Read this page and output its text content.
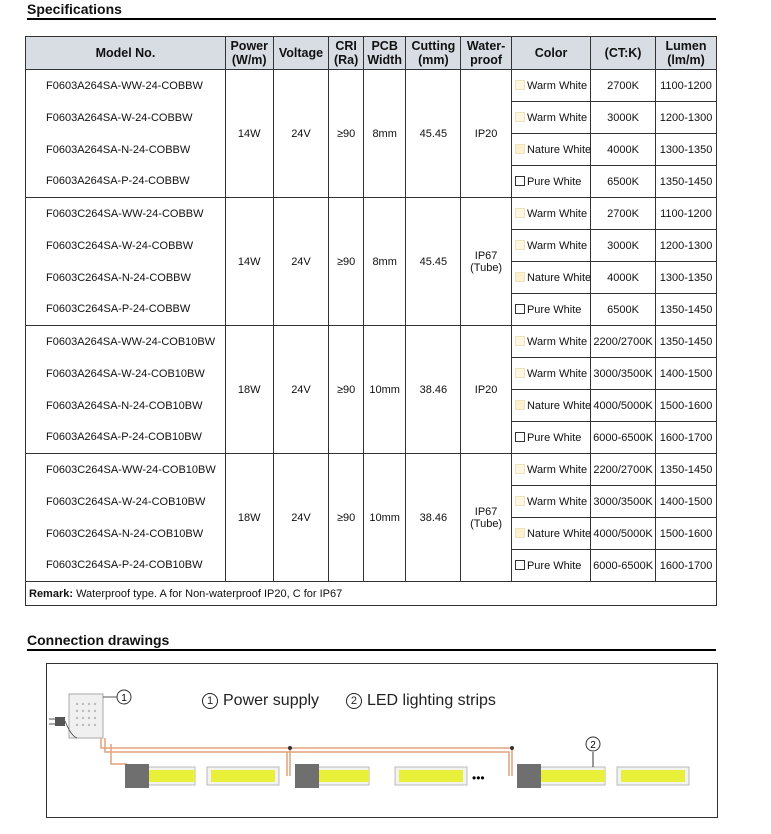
Specifications
Model No.	Power (W/m)	Voltage	CRI (Ra)	PCB Width	Cutting (mm)	Water- proof	Color	(CT:K)	Lumen (lm/m)
F0603A264SA-WW-24-COBBW	14W	24V	≥90	8mm	45.45	IP20	Warm White	2700K	1100-1200
F0603A264SA-W-24-COBBW							Warm White	3000K	1200-1300
F0603A264SA-N-24-COBBW							Nature White	4000K	1300-1350
F0603A264SA-P-24-COBBW							Pure White	6500K	1350-1450
F0603C264SA-WW-24-COBBW	14W	24V	≥90	8mm	45.45	IP67 (Tube)	Warm White	2700K	1100-1200
F0603C264SA-W-24-COBBW							Warm White	3000K	1200-1300
F0603C264SA-N-24-COBBW							Nature White	4000K	1300-1350
F0603C264SA-P-24-COBBW							Pure White	6500K	1350-1450
F0603A264SA-WW-24-COB10BW	18W	24V	≥90	10mm	38.46	IP20	Warm White	2200/2700K	1350-1450
F0603A264SA-W-24-COB10BW							Warm White	3000/3500K	1400-1500
F0603A264SA-N-24-COB10BW							Nature White	4000/5000K	1500-1600
F0603A264SA-P-24-COB10BW							Pure White	6000-6500K	1600-1700
F0603C264SA-WW-24-COB10BW	18W	24V	≥90	10mm	38.46	IP67 (Tube)	Warm White	2200/2700K	1350-1450
F0603C264SA-W-24-COB10BW							Warm White	3000/3500K	1400-1500
F0603C264SA-N-24-COB10BW							Nature White	4000/5000K	1500-1600
F0603C264SA-P-24-COB10BW							Pure White	6000-6500K	1600-1700
Remark: Waterproof type. A for Non-waterproof IP20, C for IP67									
Connection drawings
1 Power supply	2 LED lighting strips
1
•••
2
